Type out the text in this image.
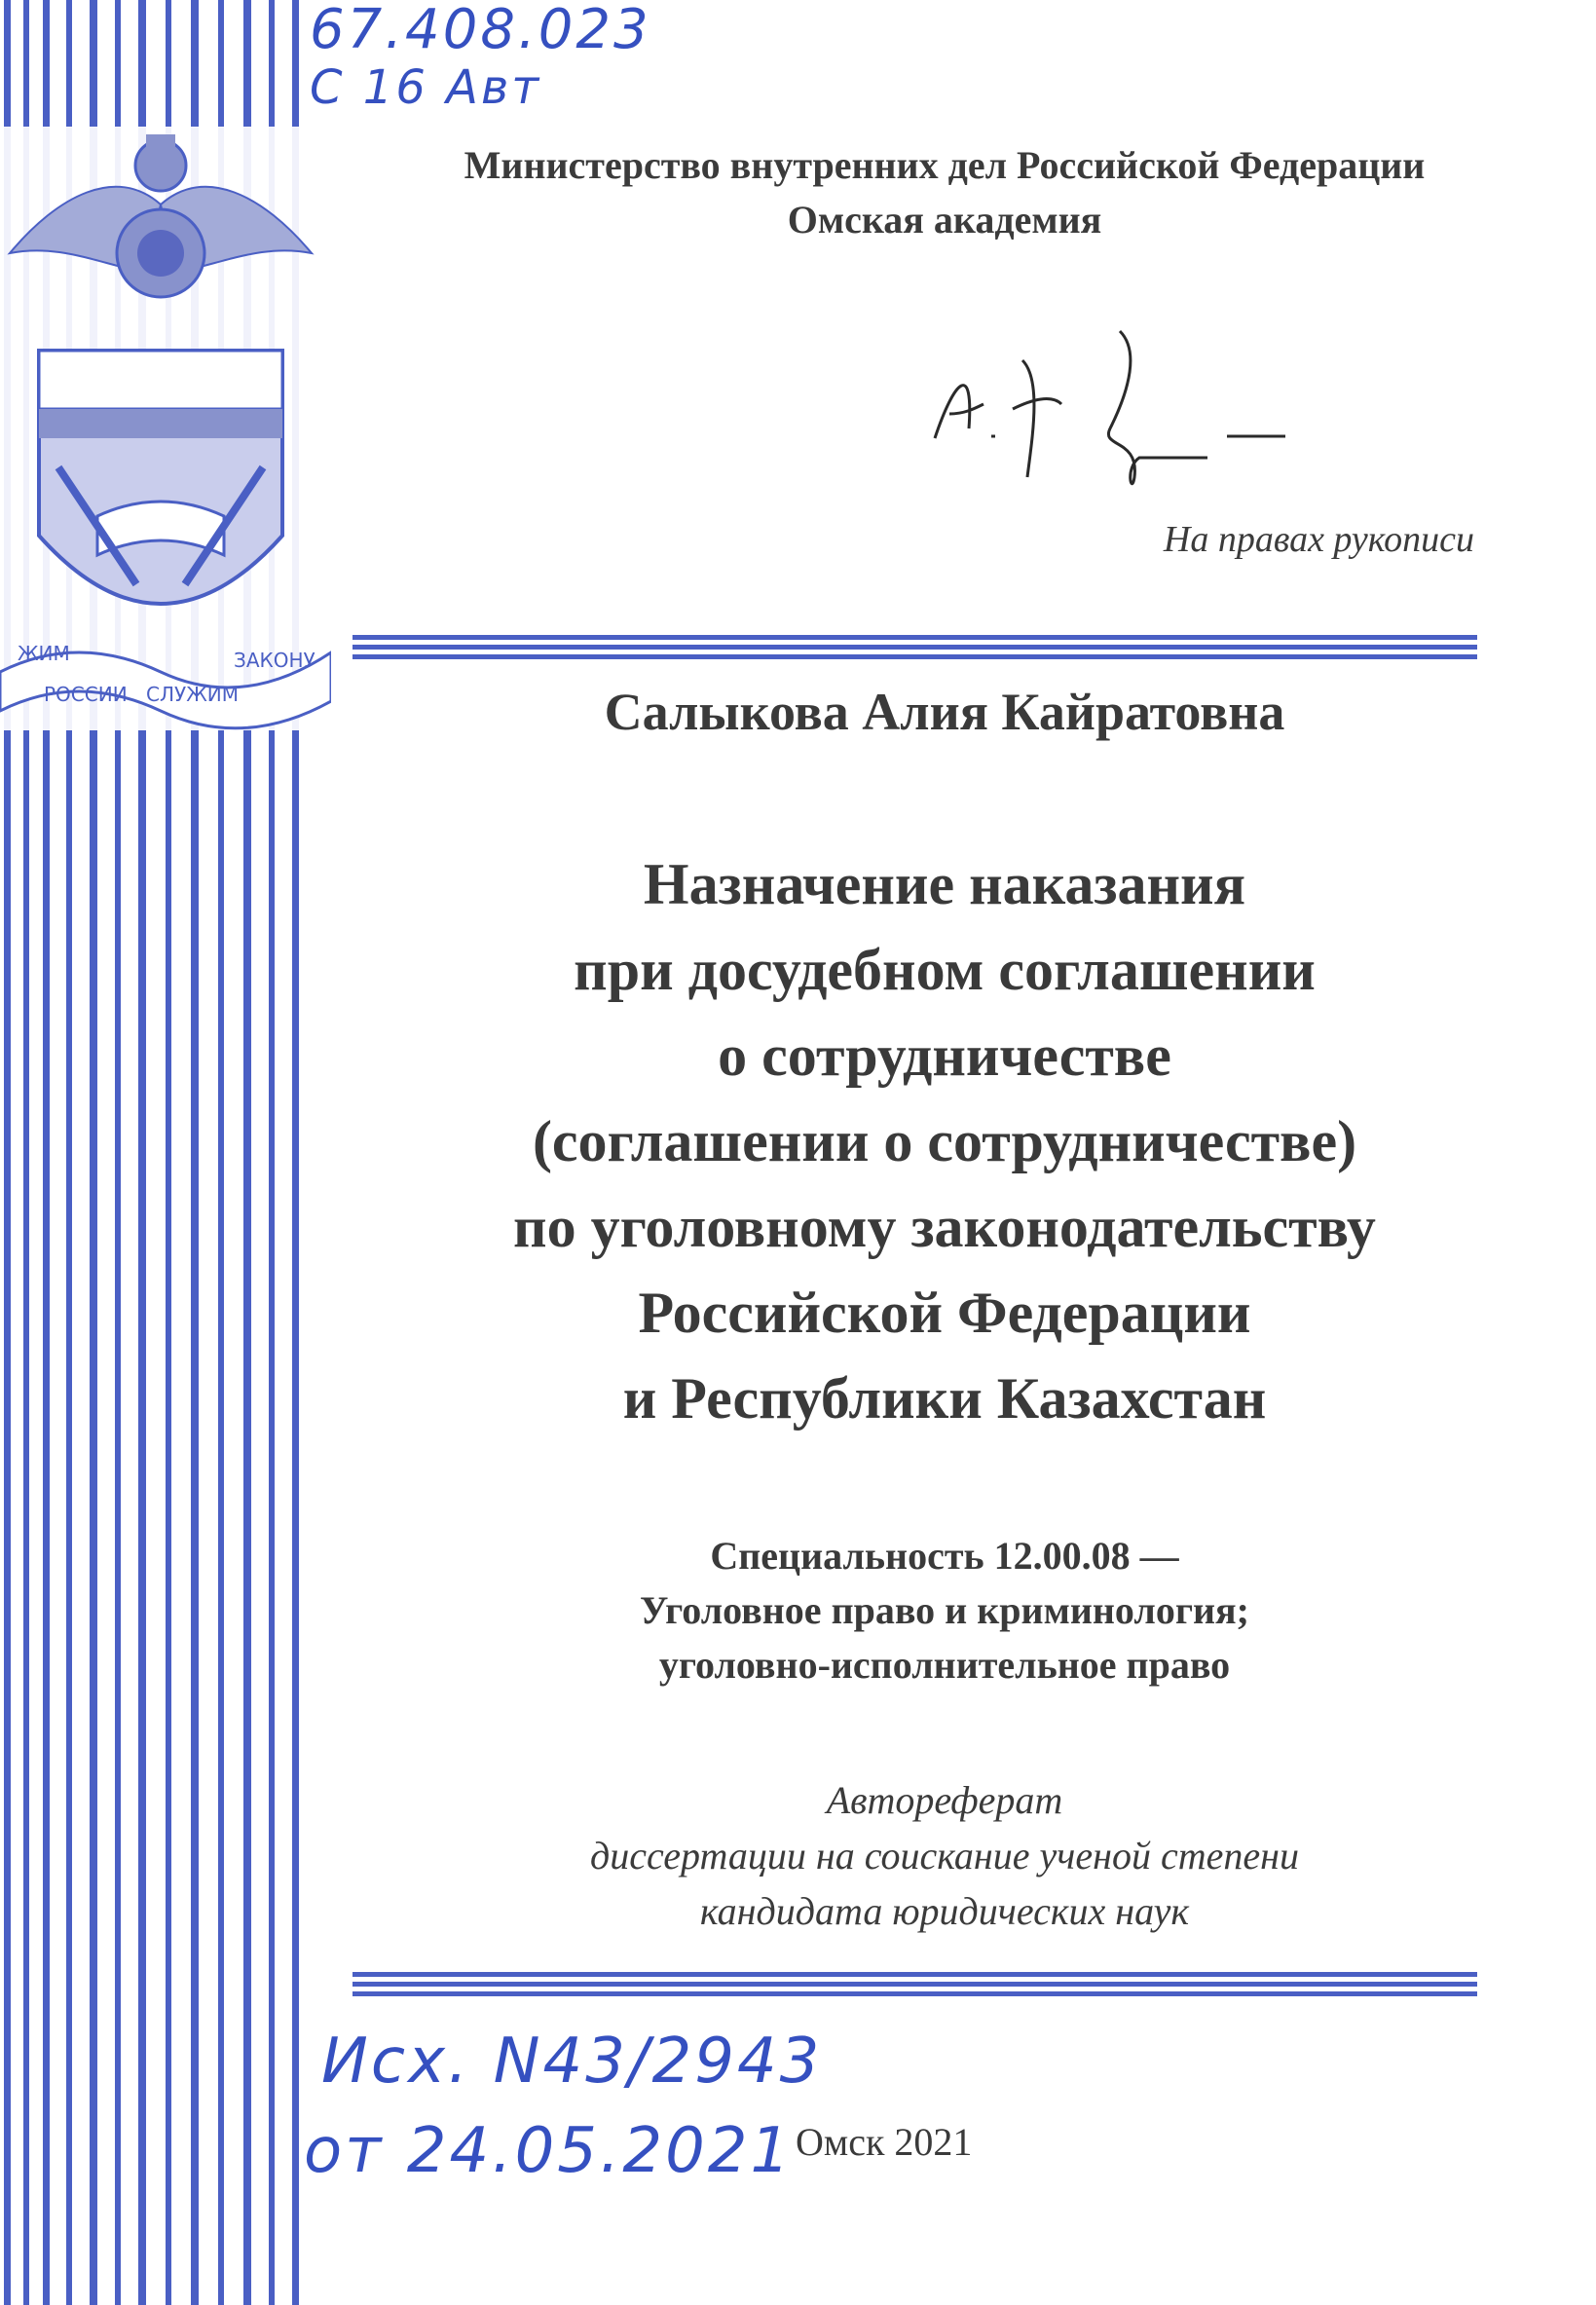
ЖИМ
РОССИИ СЛУЖИМ
ЗАКОНУ
67.408.023
С 16 Авт
Министерство внутренних дел Российской Федерации
Омская академия
На правах рукописи
Салыкова Алия Кайратовна
Назначение наказания
при досудебном соглашении
о сотрудничестве
(соглашении о сотрудничестве)
по уголовному законодательству
Российской Федерации
и Республики Казахстан
Специальность 12.00.08 —
Уголовное право и криминология;
уголовно-исполнительное право
Автореферат
диссертации на соискание ученой степени
кандидата юридических наук
Исх. N43/2943
от 24.05.2021 Омск 2021
